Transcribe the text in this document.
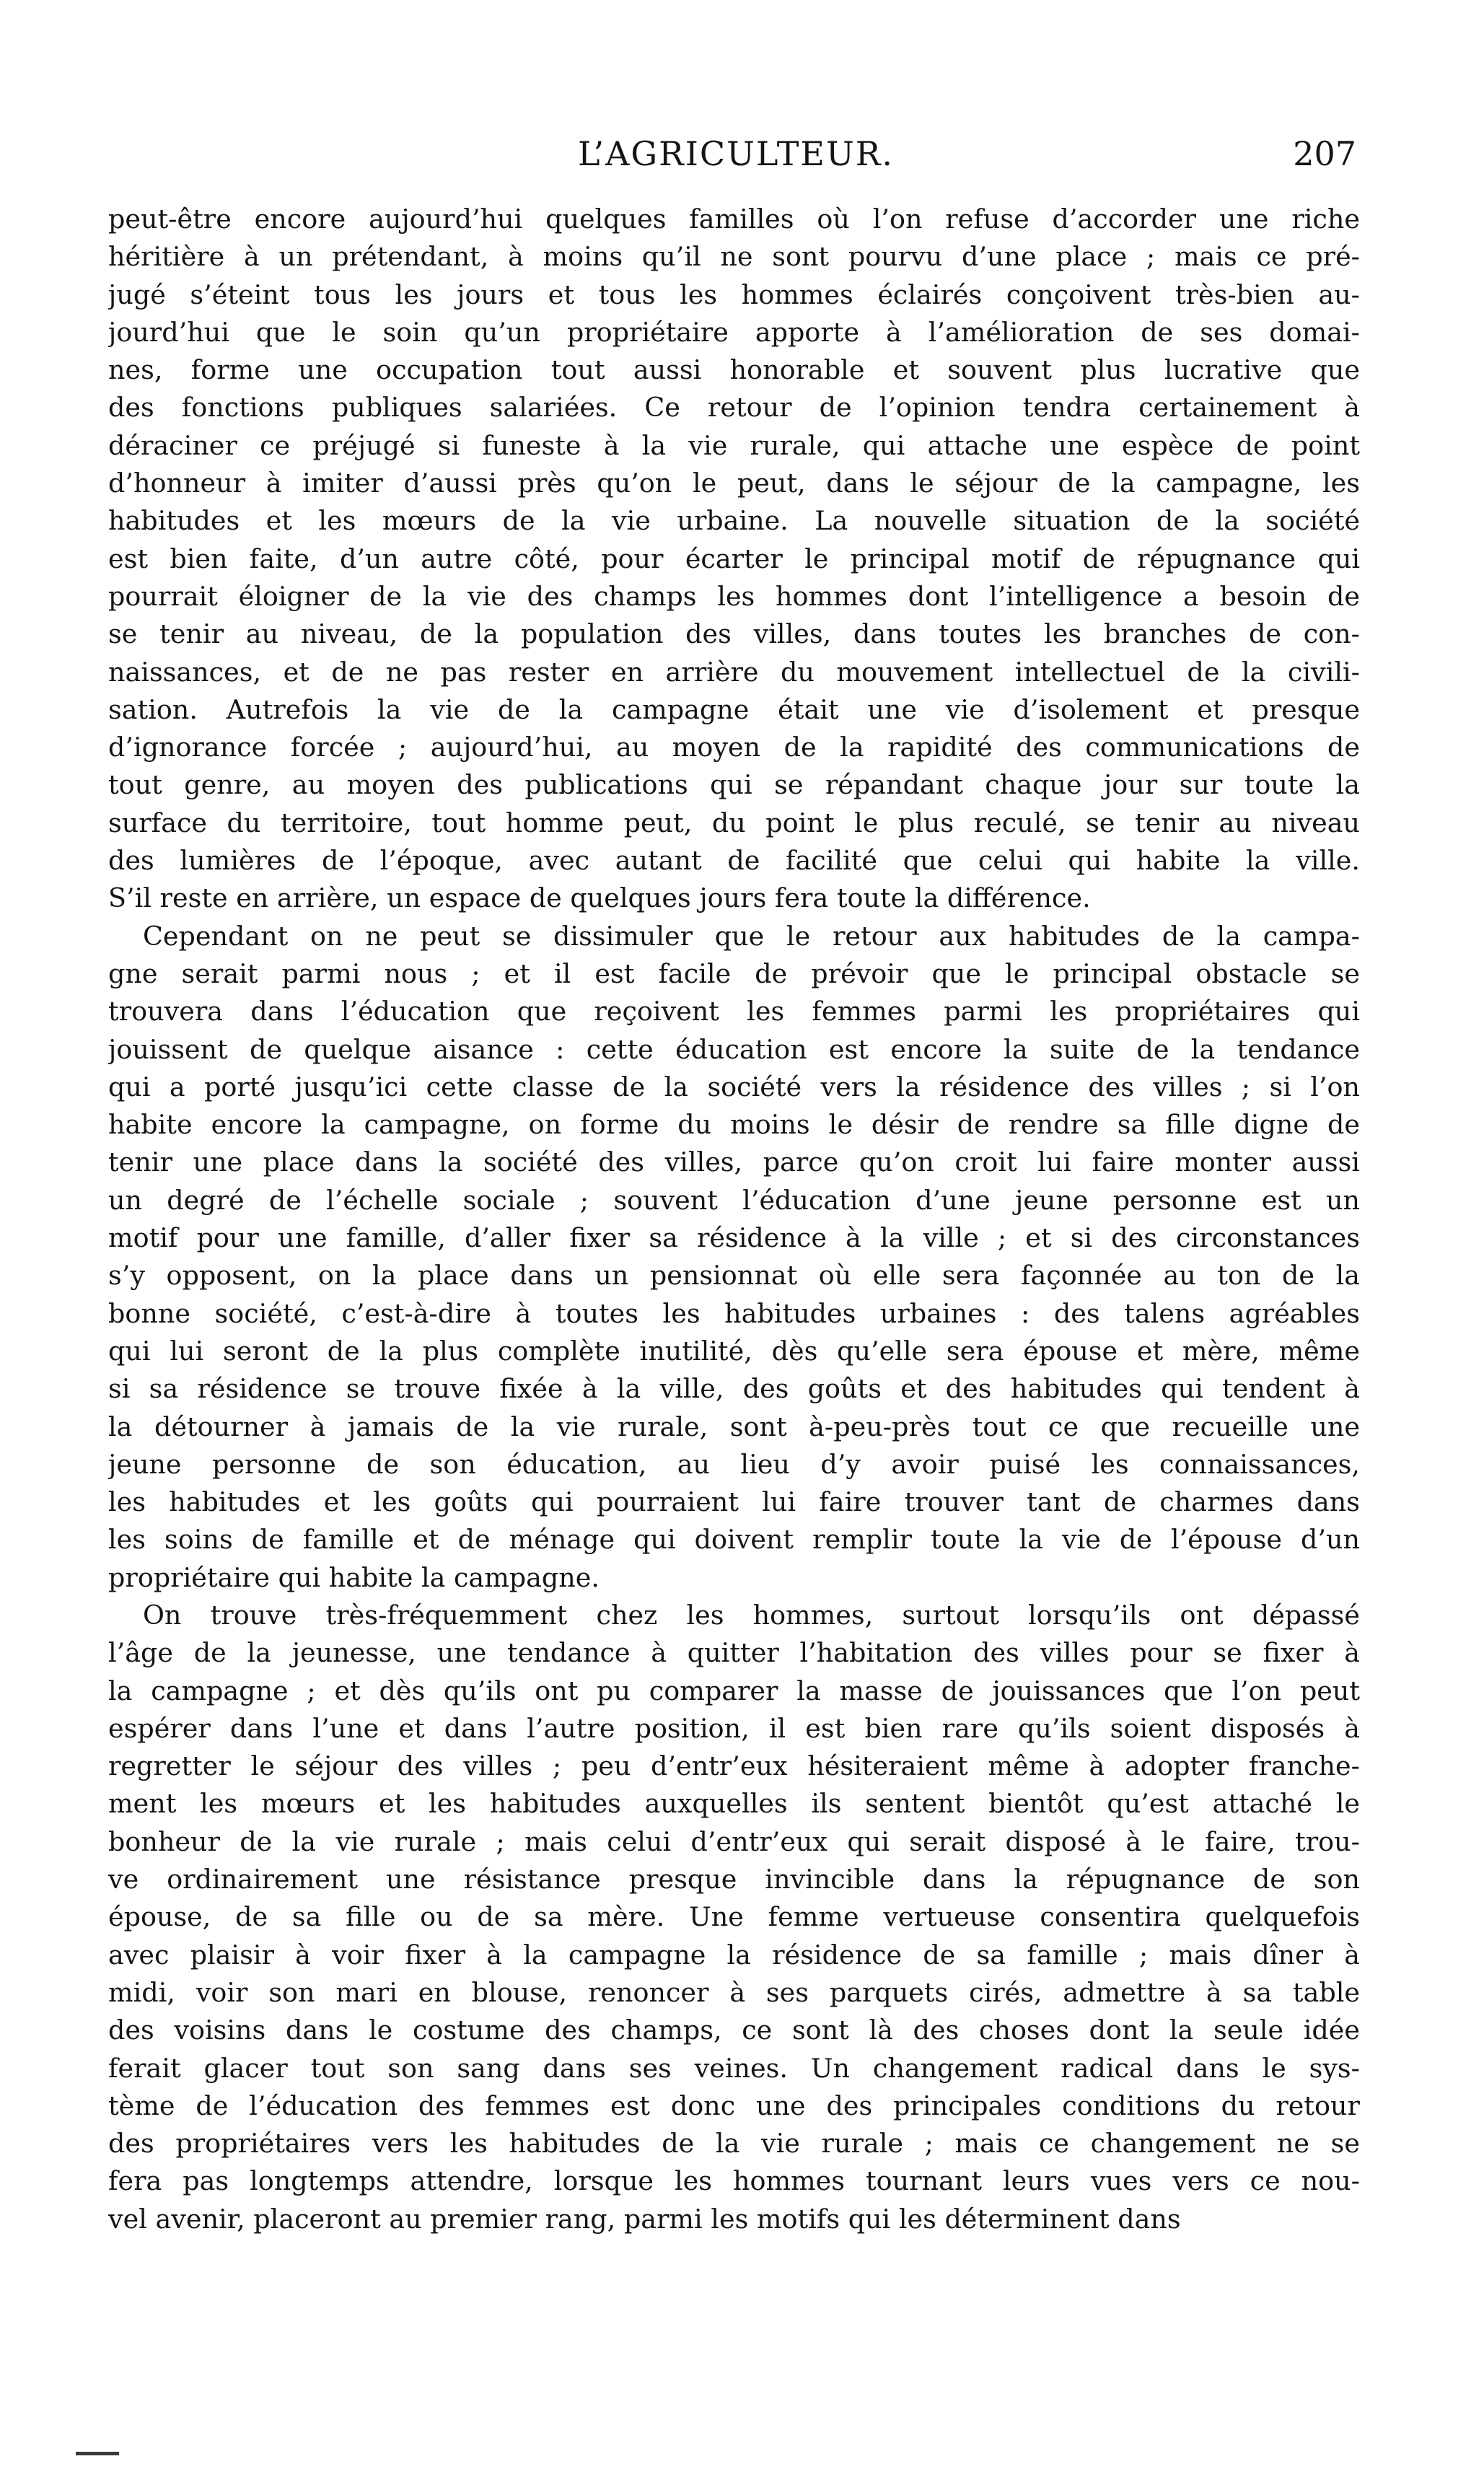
L’AGRICULTEUR.	207
peut-être encore aujourd’hui quelques familles où l’on refuse d’accorder une riche
héritière à un prétendant, à moins qu’il ne sont pourvu d’une place ; mais ce pré-
jugé s’éteint tous les jours et tous les hommes éclairés conçoivent très-bien au-
jourd’hui que le soin qu’un propriétaire apporte à l’amélioration de ses domai-
nes, forme une occupation tout aussi honorable et souvent plus lucrative que
des fonctions publiques salariées. Ce retour de l’opinion tendra certainement à
déraciner ce préjugé si funeste à la vie rurale, qui attache une espèce de point
d’honneur à imiter d’aussi près qu’on le peut, dans le séjour de la campagne, les
habitudes et les mœurs de la vie urbaine. La nouvelle situation de la société
est bien faite, d’un autre côté, pour écarter le principal motif de répugnance qui
pourrait éloigner de la vie des champs les hommes dont l’intelligence a besoin de
se tenir au niveau, de la population des villes, dans toutes les branches de con-
naissances, et de ne pas rester en arrière du mouvement intellectuel de la civili-
sation. Autrefois la vie de la campagne était une vie d’isolement et presque
d’ignorance forcée ; aujourd’hui, au moyen de la rapidité des communications de
tout genre, au moyen des publications qui se répandant chaque jour sur toute la
surface du territoire, tout homme peut, du point le plus reculé, se tenir au niveau
des lumières de l’époque, avec autant de facilité que celui qui habite la ville.
S’il reste en arrière, un espace de quelques jours fera toute la différence.
Cependant on ne peut se dissimuler que le retour aux habitudes de la campa-
gne serait parmi nous ; et il est facile de prévoir que le principal obstacle se
trouvera dans l’éducation que reçoivent les femmes parmi les propriétaires qui
jouissent de quelque aisance : cette éducation est encore la suite de la tendance
qui a porté jusqu’ici cette classe de la société vers la résidence des villes ; si l’on
habite encore la campagne, on forme du moins le désir de rendre sa fille digne de
tenir une place dans la société des villes, parce qu’on croit lui faire monter aussi
un degré de l’échelle sociale ; souvent l’éducation d’une jeune personne est un
motif pour une famille, d’aller fixer sa résidence à la ville ; et si des circonstances
s’y opposent, on la place dans un pensionnat où elle sera façonnée au ton de la
bonne société, c’est-à-dire à toutes les habitudes urbaines : des talens agréables
qui lui seront de la plus complète inutilité, dès qu’elle sera épouse et mère, même
si sa résidence se trouve fixée à la ville, des goûts et des habitudes qui tendent à
la détourner à jamais de la vie rurale, sont à-peu-près tout ce que recueille une
jeune personne de son éducation, au lieu d’y avoir puisé les connaissances,
les habitudes et les goûts qui pourraient lui faire trouver tant de charmes dans
les soins de famille et de ménage qui doivent remplir toute la vie de l’épouse d’un
propriétaire qui habite la campagne.
On trouve très-fréquemment chez les hommes, surtout lorsqu’ils ont dépassé
l’âge de la jeunesse, une tendance à quitter l’habitation des villes pour se fixer à
la campagne ; et dès qu’ils ont pu comparer la masse de jouissances que l’on peut
espérer dans l’une et dans l’autre position, il est bien rare qu’ils soient disposés à
regretter le séjour des villes ; peu d’entr’eux hésiteraient même à adopter franche-
ment les mœurs et les habitudes auxquelles ils sentent bientôt qu’est attaché le
bonheur de la vie rurale ; mais celui d’entr’eux qui serait disposé à le faire, trou-
ve ordinairement une résistance presque invincible dans la répugnance de son
épouse, de sa fille ou de sa mère. Une femme vertueuse consentira quelquefois
avec plaisir à voir fixer à la campagne la résidence de sa famille ; mais dîner à
midi, voir son mari en blouse, renoncer à ses parquets cirés, admettre à sa table
des voisins dans le costume des champs, ce sont là des choses dont la seule idée
ferait glacer tout son sang dans ses veines. Un changement radical dans le sys-
tème de l’éducation des femmes est donc une des principales conditions du retour
des propriétaires vers les habitudes de la vie rurale ; mais ce changement ne se
fera pas longtemps attendre, lorsque les hommes tournant leurs vues vers ce nou-
vel avenir, placeront au premier rang, parmi les motifs qui les déterminent dans
